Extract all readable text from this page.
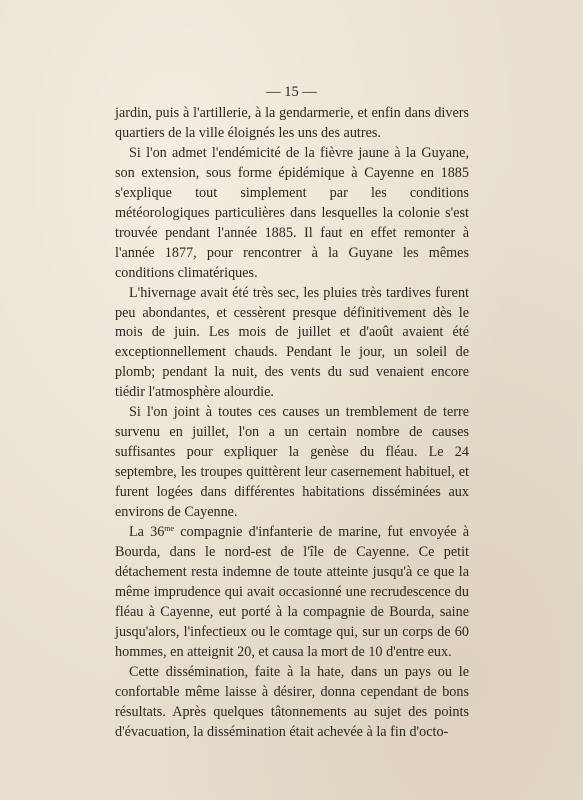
— 15 —

jardin, puis à l'artillerie, à la gendarmerie, et enfin dans divers quartiers de la ville éloignés les uns des autres.

Si l'on admet l'endémicité de la fièvre jaune à la Guyane, son extension, sous forme épidémique à Cayenne en 1885 s'explique tout simplement par les conditions météorologiques particulières dans lesquelles la colonie s'est trouvée pendant l'année 1885. Il faut en effet remonter à l'année 1877, pour rencontrer à la Guyane les mêmes conditions climatériques.

L'hivernage avait été très sec, les pluies très tardives furent peu abondantes, et cessèrent presque définitivement dès le mois de juin. Les mois de juillet et d'août avaient été exceptionnellement chauds. Pendant le jour, un soleil de plomb; pendant la nuit, des vents du sud venaient encore tiédir l'atmosphère alourdie.

Si l'on joint à toutes ces causes un tremblement de terre survenu en juillet, l'on a un certain nombre de causes suffisantes pour expliquer la genèse du fléau. Le 24 septembre, les troupes quittèrent leur casernement habituel, et furent logées dans différentes habitations disséminées aux environs de Cayenne.

La $36^{me}$ compagnie d'infanterie de marine, fut envoyée à Bourda, dans le nord-est de l'île de Cayenne. Ce petit détachement resta indemne de toute atteinte jusqu'à ce que la même imprudence qui avait occasionné une recrudescence du fléau à Cayenne, eut porté à la compagnie de Bourda, saine jusqu'alors, l'infectieux ou le comtage qui, sur un corps de 60 hommes, en atteignit 20, et causa la mort de 10 d'entre eux.

Cette dissémination, faite à la hate, dans un pays ou le confortable même laisse à désirer, donna cependant de bons résultats. Après quelques tâtonnements au sujet des points d'évacuation, la dissémination était achevée à la fin d'octo-
